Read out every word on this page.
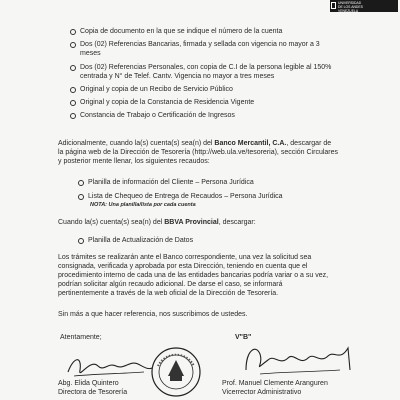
UNIVERSIDAD
DE LOS ANDES
VENEZUELA
Copia de documento en la que se indique el número de la cuenta
Dos (02) Referencias Bancarias, firmada y sellada con vigencia no mayor a 3
meses
Dos (02) Referencias Personales, con copia de C.I de la persona legible al 150%
centrada y N° de Telef. Cantv. Vigencia no mayor a tres meses
Original y copia de un Recibo de Servicio Público
Original y copia de la Constancia de Residencia Vigente
Constancia de Trabajo o Certificación de Ingresos
Adicionalmente, cuando la(s) cuenta(s) sea(n) del Banco Mercantil, C.A., descargar de
la página web de la Dirección de Tesorería (http://web.ula.ve/tesoreria), sección Circulares
y posterior mente llenar, los siguientes recaudos:
Planilla de información del Cliente – Persona Jurídica
Lista de Chequeo de Entrega de Recaudos – Persona Jurídica
NOTA: Una planilla/lista por cada cuenta
Cuando la(s) cuenta(s) sea(n) del BBVA Provincial, descargar:
Planilla de Actualización de Datos
Los trámites se realizarán ante el Banco correspondiente, una vez la solicitud sea
consignada, verificada y aprobada por esta Dirección, teniendo en cuenta que el
procedimiento interno de cada una de las entidades bancarias podría variar o a su vez,
podrían solicitar algún recaudo adicional. De darse el caso, se informará
pertinentemente a través de la web oficial de la Dirección de Tesorería.
Sin más a que hacer referencia, nos suscribimos de ustedes.
Atentamente;	V"B"
Abg. Elida Quintero
Directora de Tesorería
Prof. Manuel Clemente Aranguren
Vicerrector Administrativo
